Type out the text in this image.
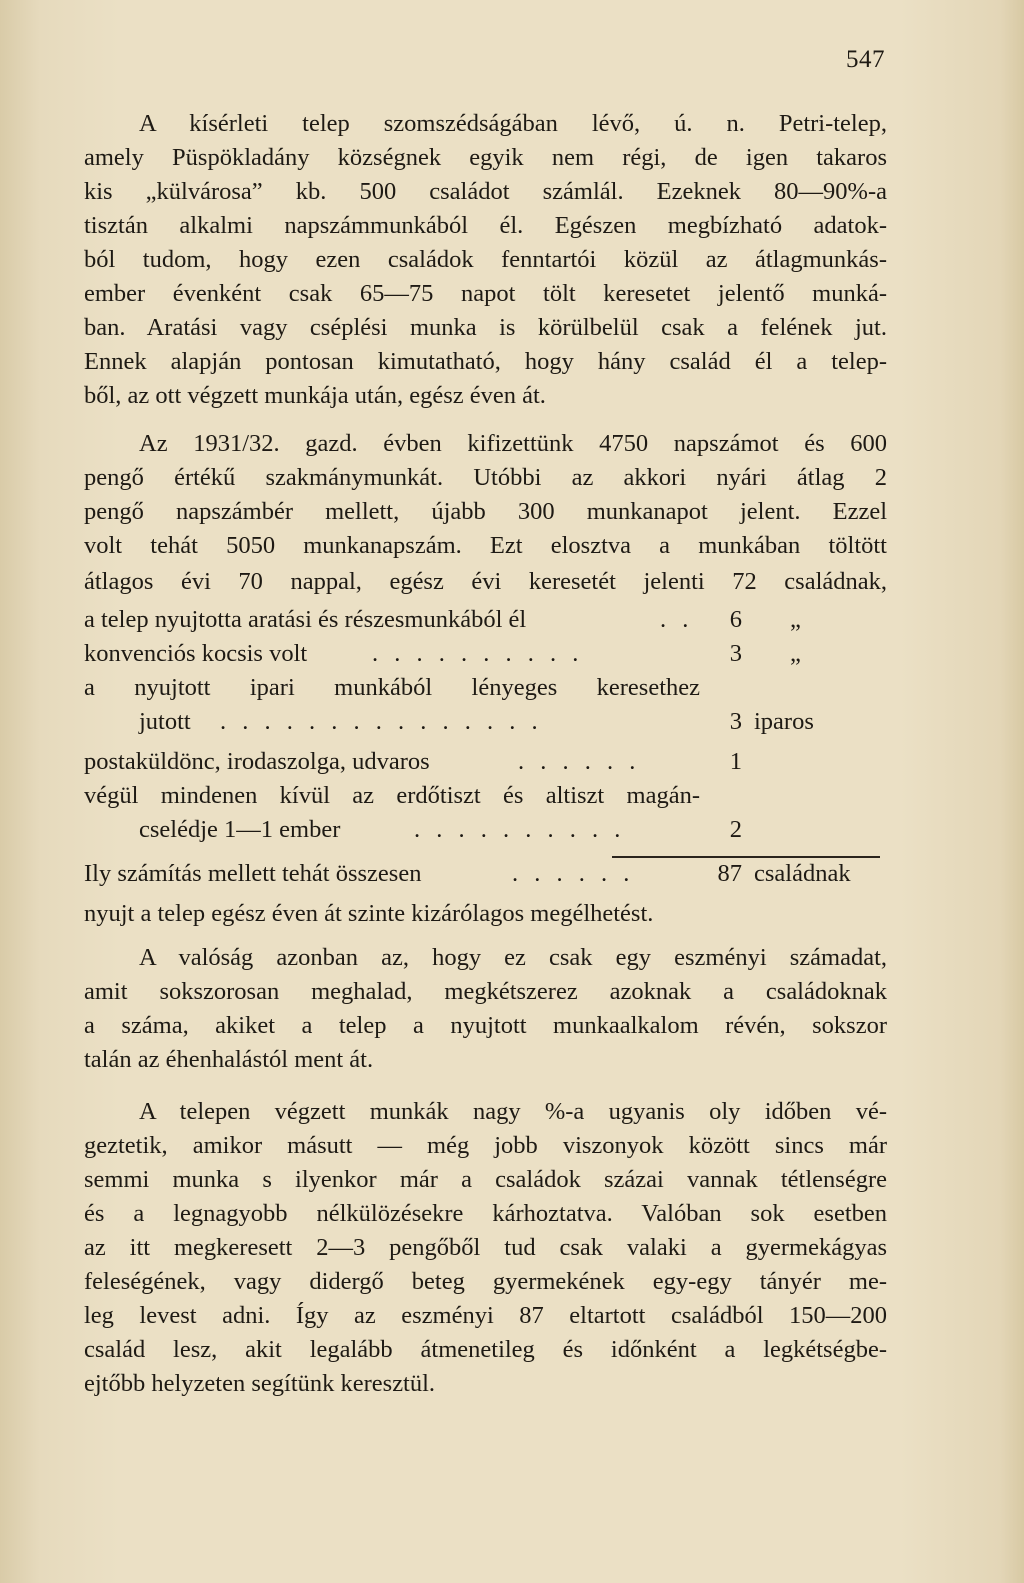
547
A kísérleti telep szomszédságában lévő, ú. n. Petri-telep,
amely Püspökladány községnek egyik nem régi, de igen takaros
kis „külvárosa” kb. 500 családot számlál. Ezeknek 80—90%-a
tisztán alkalmi napszámmunkából él. Egészen megbízható adatok-
ból tudom, hogy ezen családok fenntartói közül az átlagmunkás-
ember évenként csak 65—75 napot tölt keresetet jelentő munká-
ban. Aratási vagy cséplési munka is körülbelül csak a felének jut.
Ennek alapján pontosan kimutatható, hogy hány család él a telep-
ből, az ott végzett munkája után, egész éven át.
Az 1931/32. gazd. évben kifizettünk 4750 napszámot és 600
pengő értékű szakmánymunkát. Utóbbi az akkori nyári átlag 2
pengő napszámbér mellett, újabb 300 munkanapot jelent. Ezzel
volt tehát 5050 munkanapszám. Ezt elosztva a munkában töltött
átlagos évi 70 nappal, egész évi keresetét jelenti 72 családnak,
a telep nyujtotta aratási és részesmunkából él	. .	6 „
konvenciós kocsis volt	. . . . . . . . . .	3 „
a nyujtott ipari munkából lényeges keresethez
jutott . . . . . . . . . . . . . . .	3 iparos
postaküldönc, irodaszolga, udvaros	. . . . . .	1
végül mindenen kívül az erdőtiszt és altiszt magán-
cselédje 1—1 ember	. . . . . . . . . .	2
Ily számítás mellett tehát összesen	. . . . . .	87 családnak
nyujt a telep egész éven át szinte kizárólagos megélhetést.
A valóság azonban az, hogy ez csak egy eszményi számadat,
amit sokszorosan meghalad, megkétszerez azoknak a családoknak
a száma, akiket a telep a nyujtott munkaalkalom révén, sokszor
talán az éhenhalástól ment át.
A telepen végzett munkák nagy %-a ugyanis oly időben vé-
geztetik, amikor másutt — még jobb viszonyok között sincs már
semmi munka s ilyenkor már a családok százai vannak tétlenségre
és a legnagyobb nélkülözésekre kárhoztatva. Valóban sok esetben
az itt megkeresett 2—3 pengőből tud csak valaki a gyermekágyas
feleségének, vagy didergő beteg gyermekének egy-egy tányér me-
leg levest adni. Így az eszményi 87 eltartott családból 150—200
család lesz, akit legalább átmenetileg és időnként a legkétségbe-
ejtőbb helyzeten segítünk keresztül.
